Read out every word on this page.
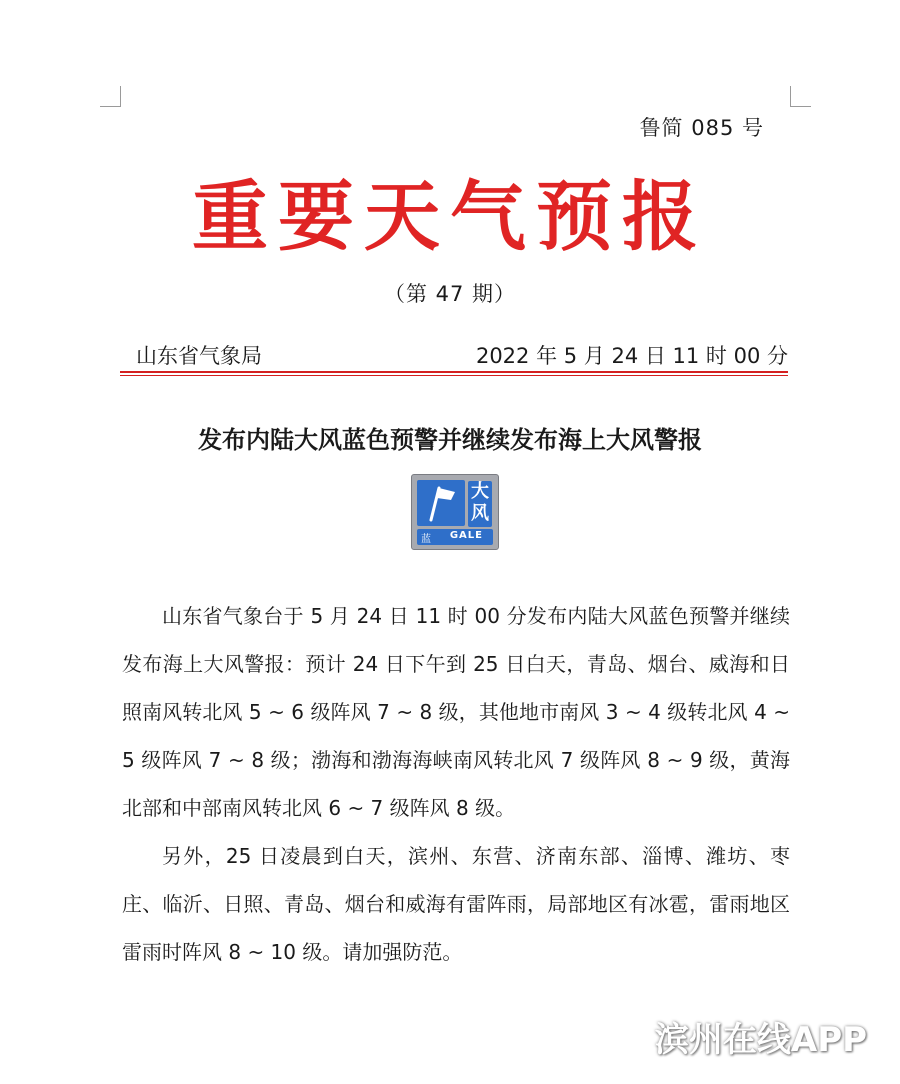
鲁简 085 号
重要天气预报
（第 47 期）
山东省气象局	2022 年 5 月 24 日 11 时 00 分
发布内陆大风蓝色预警并继续发布海上大风警报
大风
蓝 GALE

山东省气象台于 5 月 24 日 11 时 00 分发布内陆大风蓝色预警并继续发布海上大风警报：预计 24 日下午到 25 日白天，青岛、烟台、威海和日照南风转北风 5 ~ 6 级阵风 7 ~ 8 级，其他地市南风 3 ~ 4 级转北风 4 ~ 5 级阵风 7 ~ 8 级；渤海和渤海海峡南风转北风 7 级阵风 8 ~ 9 级，黄海北部和中部南风转北风 6 ~ 7 级阵风 8 级。

另外，25 日凌晨到白天，滨州、东营、济南东部、淄博、潍坊、枣庄、临沂、日照、青岛、烟台和威海有雷阵雨，局部地区有冰雹，雷雨地区雷雨时阵风 8 ~ 10 级。请加强防范。

滨州在线APP
